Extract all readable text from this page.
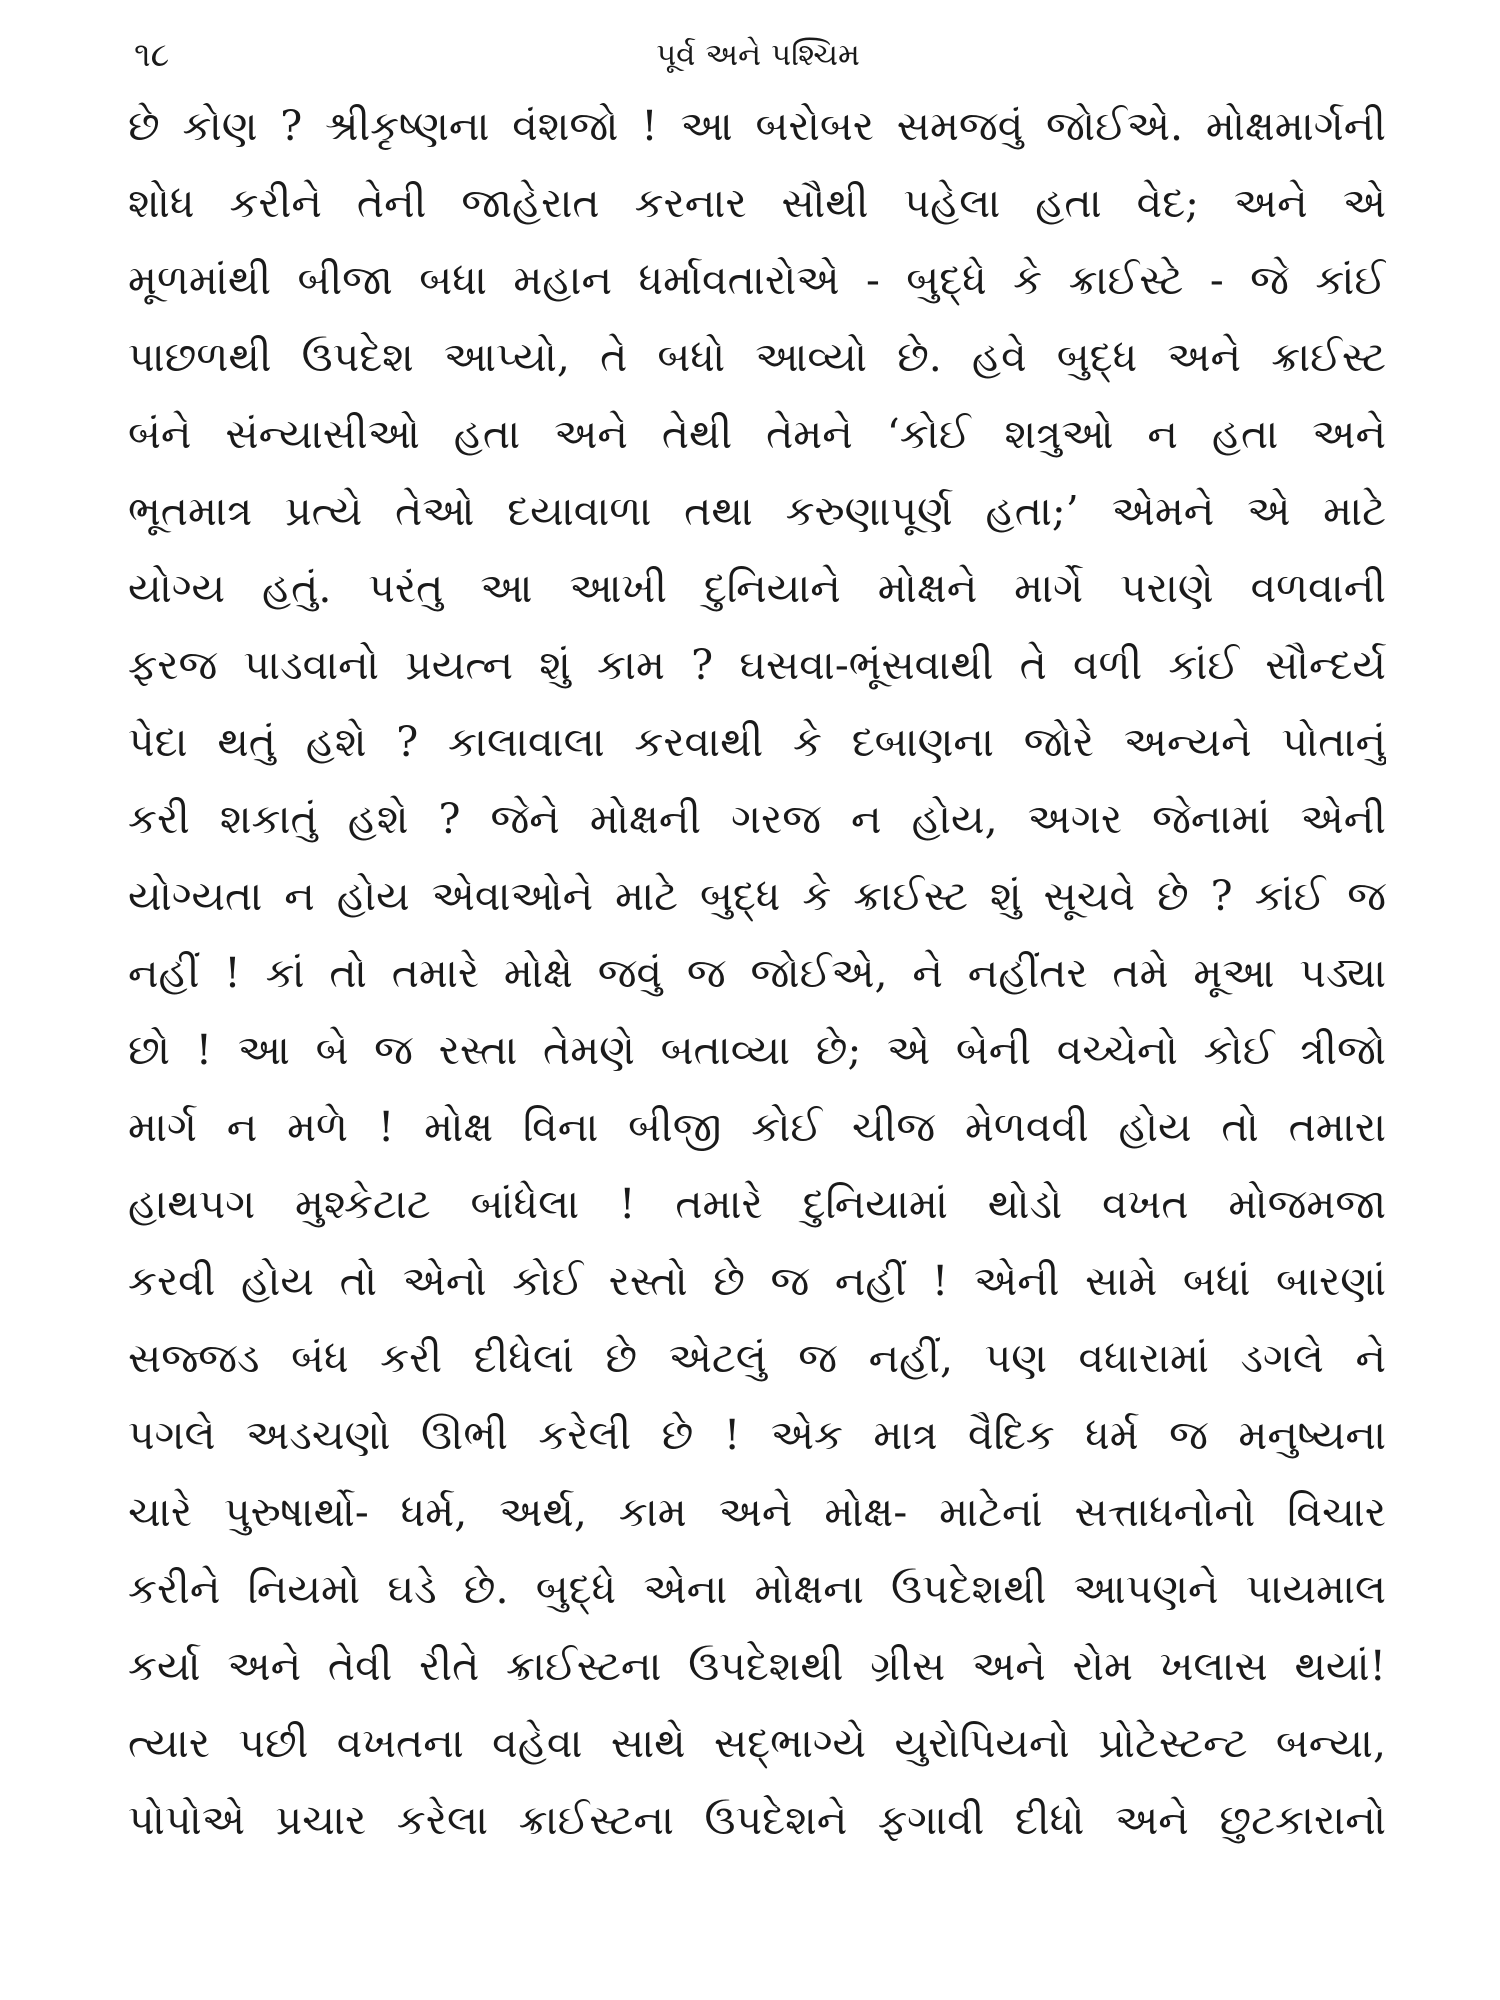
૧૮	પૂર્વ અને પશ્ચિમ
છે કોણ ? શ્રીકૃષ્ણના વંશજો ! આ બરોબર સમજવું જોઈએ. મોક્ષમાર્ગની
શોધ કરીને તેની જાહેરાત કરનાર સૌથી પહેલા હતા વેદ; અને એ
મૂળમાંથી બીજા બધા મહાન ધર્માવતારોએ - બુદ્ધે કે ક્રાઈસ્ટે - જે કાંઈ
પાછળથી ઉપદેશ આપ્યો, તે બધો આવ્યો છે. હવે બુદ્ધ અને ક્રાઈસ્ટ
બંને સંન્યાસીઓ હતા અને તેથી તેમને ‘કોઈ શત્રુઓ ન હતા અને
ભૂતમાત્ર પ્રત્યે તેઓ દયાવાળા તથા કરુણાપૂર્ણ હતા;’ એમને એ માટે
યોગ્ય હતું. પરંતુ આ આખી દુનિયાને મોક્ષને માર્ગે પરાણે વળવાની
ફરજ પાડવાનો પ્રયત્ન શું કામ ? ઘસવા-ભૂંસવાથી તે વળી કાંઈ સૌન્દર્ય
પેદા થતું હશે ? કાલાવાલા કરવાથી કે દબાણના જોરે અન્યને પોતાનું
કરી શકાતું હશે ? જેને મોક્ષની ગરજ ન હોય, અગર જેનામાં એની
યોગ્યતા ન હોય એવાઓને માટે બુદ્ધ કે ક્રાઈસ્ટ શું સૂચવે છે ? કાંઈ જ
નહીં ! કાં તો તમારે મોક્ષે જવું જ જોઈએ, ને નહીંતર તમે મૂઆ પડ્યા
છો ! આ બે જ રસ્તા તેમણે બતાવ્યા છે; એ બેની વચ્ચેનો કોઈ ત્રીજો
માર્ગ ન મળે ! મોક્ષ વિના બીજી કોઈ ચીજ મેળવવી હોય તો તમારા
હાથપગ મુશ્કેટાટ બાંધેલા ! તમારે દુનિયામાં થોડો વખત મોજમજા
કરવી હોય તો એનો કોઈ રસ્તો છે જ નહીં ! એની સામે બધાં બારણાં
સજ્જડ બંધ કરી દીધેલાં છે એટલું જ નહીં, પણ વધારામાં ડગલે ને
પગલે અડચણો ઊભી કરેલી છે ! એક માત્ર વૈદિક ધર્મ જ મનુષ્યના
ચારે પુરુષાર્થો- ધર્મ, અર્થ, કામ અને મોક્ષ- માટેનાં સત્તાધનોનો વિચાર
કરીને નિયમો ઘડે છે. બુદ્ધે એના મોક્ષના ઉપદેશથી આપણને પાયમાલ
કર્યા અને તેવી રીતે ક્રાઈસ્ટના ઉપદેશથી ગ્રીસ અને રોમ ખલાસ થયાં!
ત્યાર પછી વખતના વહેવા સાથે સદ્ભાગ્યે યુરોપિયનો પ્રોટેસ્ટન્ટ બન્યા,
પોપોએ પ્રચાર કરેલા ક્રાઈસ્ટના ઉપદેશને ફગાવી દીધો અને છુટકારાનો
